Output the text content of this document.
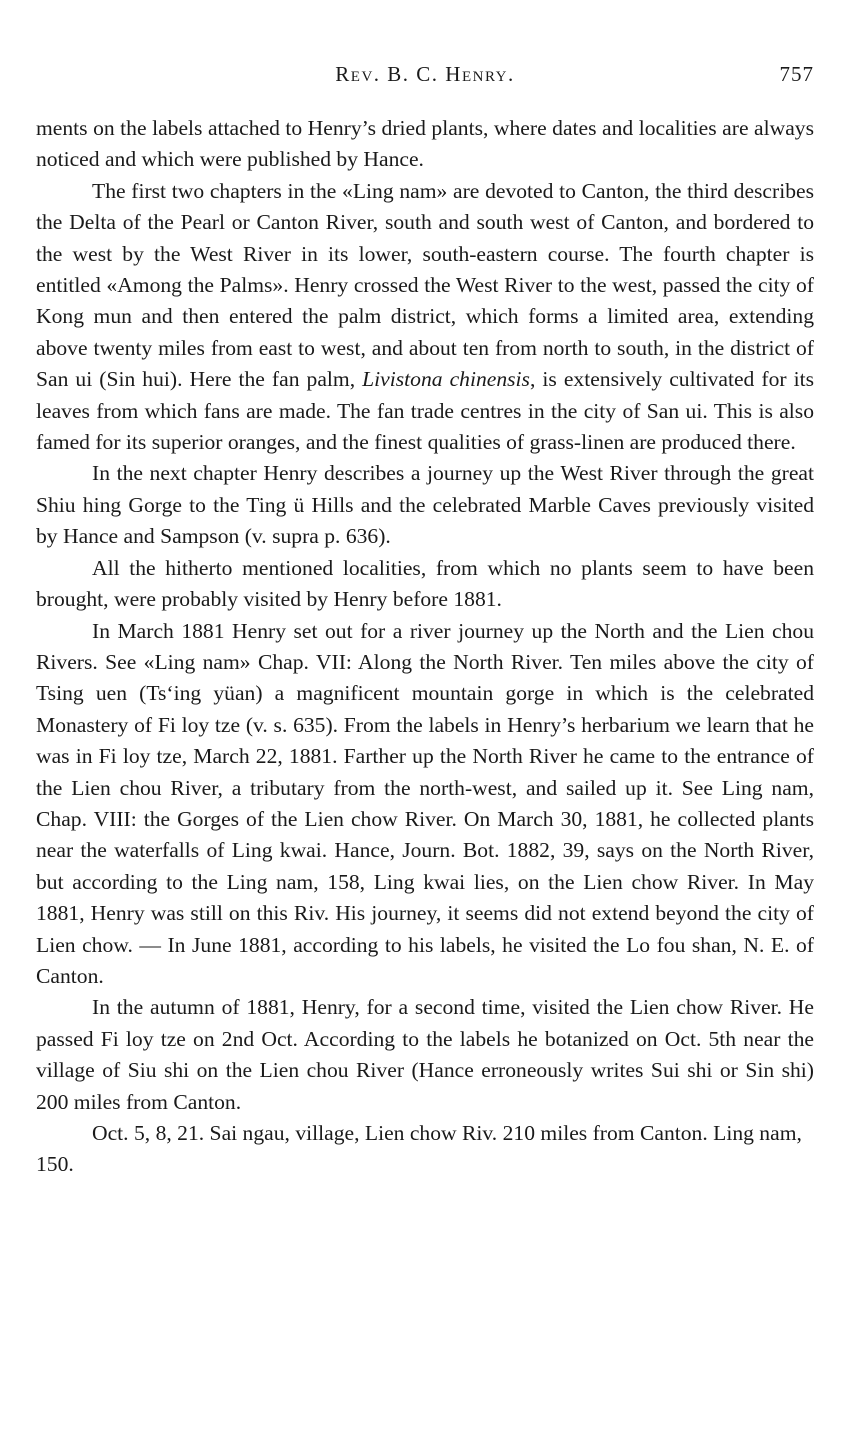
Rev. B. C. Henry.	757

ments on the labels attached to Henry’s dried plants, where dates and localities are always noticed and which were published by Hance.

The first two chapters in the «Ling nam» are devoted to Canton, the third describes the Delta of the Pearl or Canton River, south and south west of Canton, and bordered to the west by the West River in its lower, south-eastern course. The fourth chapter is entitled «Among the Palms». Henry crossed the West River to the west, passed the city of Kong mun and then entered the palm district, which forms a limited area, extending above twenty miles from east to west, and about ten from north to south, in the district of San ui (Sin hui). Here the fan palm, Livistona chinensis, is extensively cultivated for its leaves from which fans are made. The fan trade centres in the city of San ui. This is also famed for its superior oranges, and the finest qualities of grass-linen are produced there.

In the next chapter Henry describes a journey up the West River through the great Shiu hing Gorge to the Ting ü Hills and the celebrated Marble Caves previously visited by Hance and Sampson (v. supra p. 636).

All the hitherto mentioned localities, from which no plants seem to have been brought, were probably visited by Henry before 1881.

In March 1881 Henry set out for a river journey up the North and the Lien chou Rivers. See «Ling nam» Chap. VII: Along the North River. Ten miles above the city of Tsing uen (Ts‘ing yüan) a magnificent mountain gorge in which is the celebrated Monastery of Fi loy tze (v. s. 635). From the labels in Henry’s herbarium we learn that he was in Fi loy tze, March 22, 1881. Farther up the North River he came to the entrance of the Lien chou River, a tributary from the north-west, and sailed up it. See Ling nam, Chap. VIII: the Gorges of the Lien chow River. On March 30, 1881, he collected plants near the waterfalls of Ling kwai. Hance, Journ. Bot. 1882, 39, says on the North River, but according to the Ling nam, 158, Ling kwai lies, on the Lien chow River. In May 1881, Henry was still on this Riv. His journey, it seems did not extend beyond the city of Lien chow. — In June 1881, according to his labels, he visited the Lo fou shan, N. E. of Canton.

In the autumn of 1881, Henry, for a second time, visited the Lien chow River. He passed Fi loy tze on 2nd Oct. According to the labels he botanized on Oct. 5th near the village of Siu shi on the Lien chou River (Hance erroneously writes Sui shi or Sin shi) 200 miles from Canton.

Oct. 5, 8, 21. Sai ngau, village, Lien chow Riv. 210 miles from Canton. Ling nam, 150.
